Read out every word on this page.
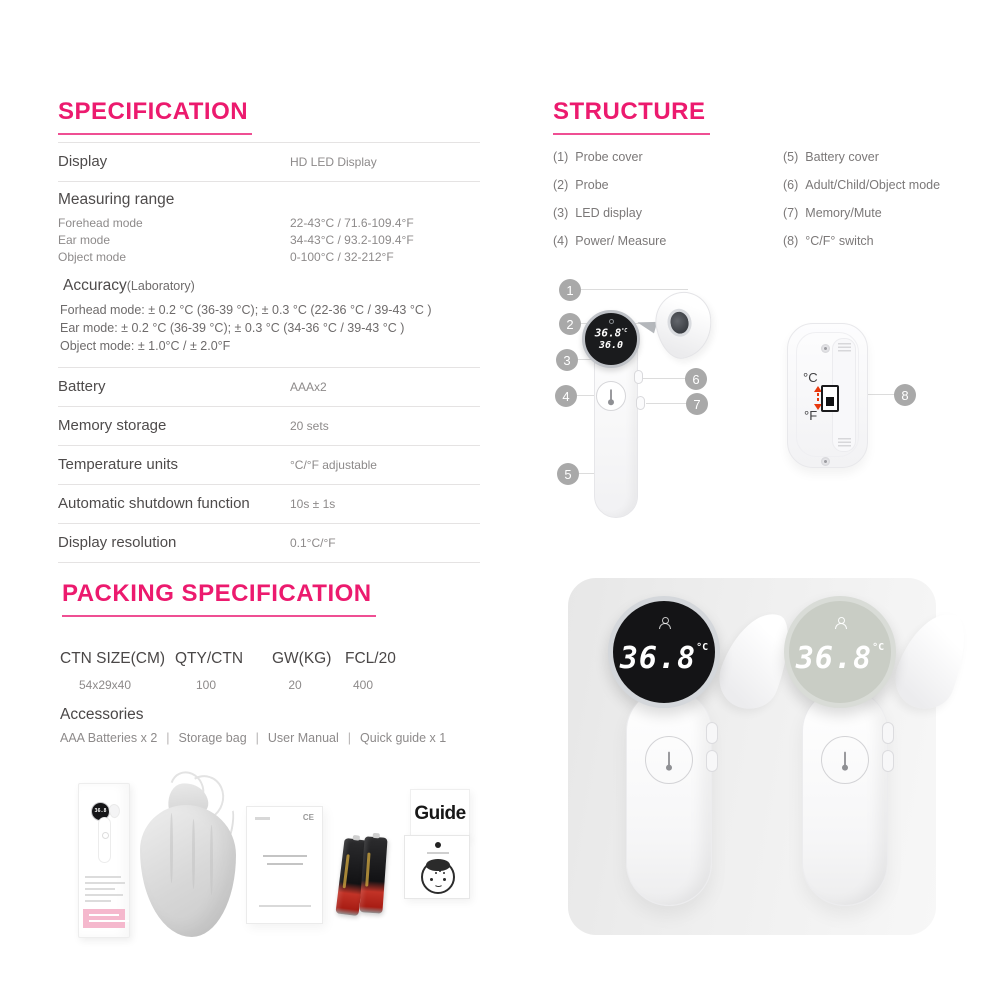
SPECIFICATION
Display	HD LED Display
Measuring range
Forehead mode	22-43°C / 71.6-109.4°F
Ear mode	34-43°C / 93.2-109.4°F
Object mode	0-100°C / 32-212°F
Accuracy(Laboratory)
Forhead mode: ± 0.2 °C (36-39 °C); ± 0.3 °C (22-36 °C / 39-43 °C )
Ear mode: ± 0.2 °C (36-39 °C); ± 0.3 °C (34-36 °C / 39-43 °C )
Object mode: ± 1.0°C / ± 2.0°F
Battery	AAAx2
Memory storage	20 sets
Temperature units	°C/°F adjustable
Automatic shutdown function	10s ± 1s
Display resolution	0.1°C/°F
STRUCTURE
(1) Probe cover
(2) Probe
(3) LED display
(4) Power/ Measure
(5) Battery cover
(6) Adult/Child/Object mode
(7) Memory/Mute
(8) °C/F° switch
$36.8^{^\circ C}$
36.0
°C
°F
1
2
3
4
5
6
7
8
PACKING SPECIFICATION
CTN SIZE(CM) QTY/CTN GW(KG) FCL/20
54x29x40	100	20	400
Accessories
AAA Batteries x 2 | Storage bag | User Manual | Quick guide x 1
36.8
CE	Guide
$36.8^{^\circ C}$	$36.8^{^\circ C}$
